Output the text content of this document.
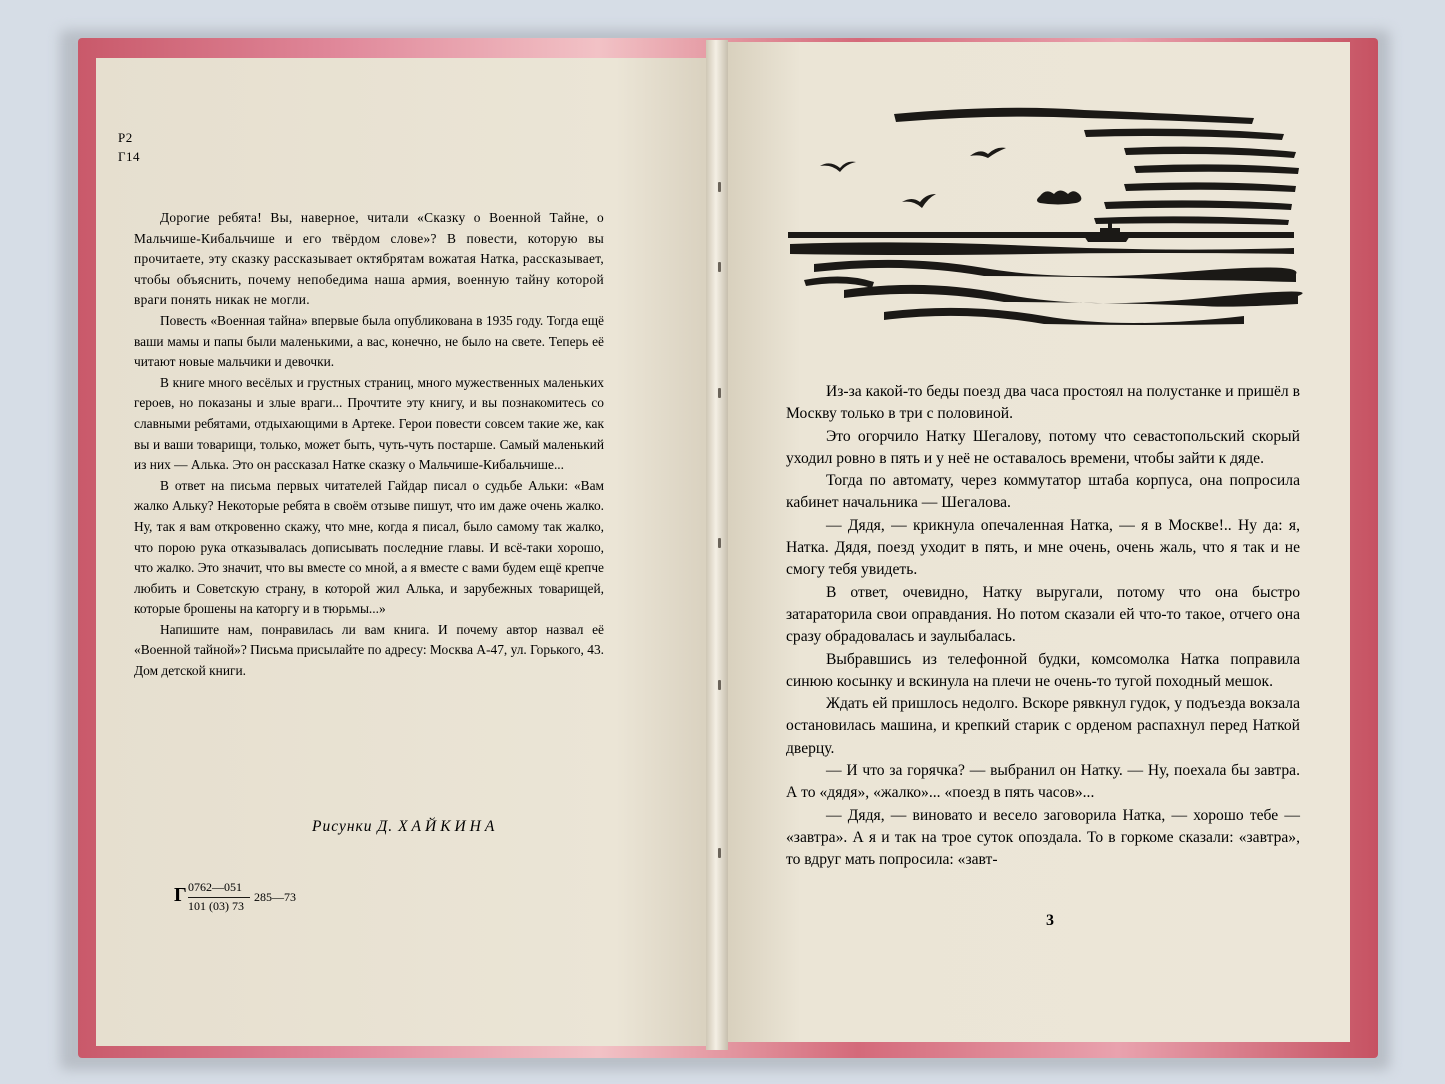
Р2
Г14

Дорогие ребята! Вы, наверное, читали «Сказку о Военной Тайне, о Мальчише-Кибальчише и его твёрдом слове»? В повести, которую вы прочитаете, эту сказку рассказывает октябрятам вожатая Натка, рассказывает, чтобы объяснить, почему непобедима наша армия, военную тайну которой враги понять никак не могли.

Повесть «Военная тайна» впервые была опубликована в 1935 году. Тогда ещё ваши мамы и папы были маленькими, а вас, конечно, не было на свете. Теперь её читают новые мальчики и девочки.

В книге много весёлых и грустных страниц, много мужественных маленьких героев, но показаны и злые враги... Прочтите эту книгу, и вы познакомитесь со славными ребятами, отдыхающими в Артеке. Герои повести совсем такие же, как вы и ваши товарищи, только, может быть, чуть-чуть постарше. Самый маленький из них — Алька. Это он рассказал Натке сказку о Мальчише-Кибальчише...

В ответ на письма первых читателей Гайдар писал о судьбе Альки: «Вам жалко Альку? Некоторые ребята в своём отзыве пишут, что им даже очень жалко. Ну, так я вам откровенно скажу, что мне, когда я писал, было самому так жалко, что порою рука отказывалась дописывать последние главы. И всё-таки хорошо, что жалко. Это значит, что вы вместе со мной, а я вместе с вами будем ещё крепче любить и Советскую страну, в которой жил Алька, и зарубежных товарищей, которые брошены на каторгу и в тюрьмы...»

Напишите нам, понравилась ли вам книга. И почему автор назвал её «Военной тайной»? Письма присылайте по адресу: Москва А-47, ул. Горького, 43. Дом детской книги.

Рисунки Д. ХАЙКИНА
Г 0762—051
101 (03) 73
285—73

Из-за какой-то беды поезд два часа простоял на полустанке и пришёл в Москву только в три с половиной.

Это огорчило Натку Шегалову, потому что севастопольский скорый уходил ровно в пять и у неё не оставалось времени, чтобы зайти к дяде.

Тогда по автомату, через коммутатор штаба корпуса, она попросила кабинет начальника — Шегалова.

— Дядя, — крикнула опечаленная Натка, — я в Москве!.. Ну да: я, Натка. Дядя, поезд уходит в пять, и мне очень, очень жаль, что я так и не смогу тебя увидеть.

В ответ, очевидно, Натку выругали, потому что она быстро затараторила свои оправдания. Но потом сказали ей что-то такое, отчего она сразу обрадовалась и заулыбалась.

Выбравшись из телефонной будки, комсомолка Натка поправила синюю косынку и вскинула на плечи не очень-то тугой походный мешок.

Ждать ей пришлось недолго. Вскоре рявкнул гудок, у подъезда вокзала остановилась машина, и крепкий старик с орденом распахнул перед Наткой дверцу.

— И что за горячка? — выбранил он Натку. — Ну, поехала бы завтра. А то «дядя», «жалко»... «поезд в пять часов»...

— Дядя, — виновато и весело заговорила Натка, — хорошо тебе — «завтра». А я и так на трое суток опоздала. То в горкоме сказали: «завтра», то вдруг мать попросила: «завт-

3
